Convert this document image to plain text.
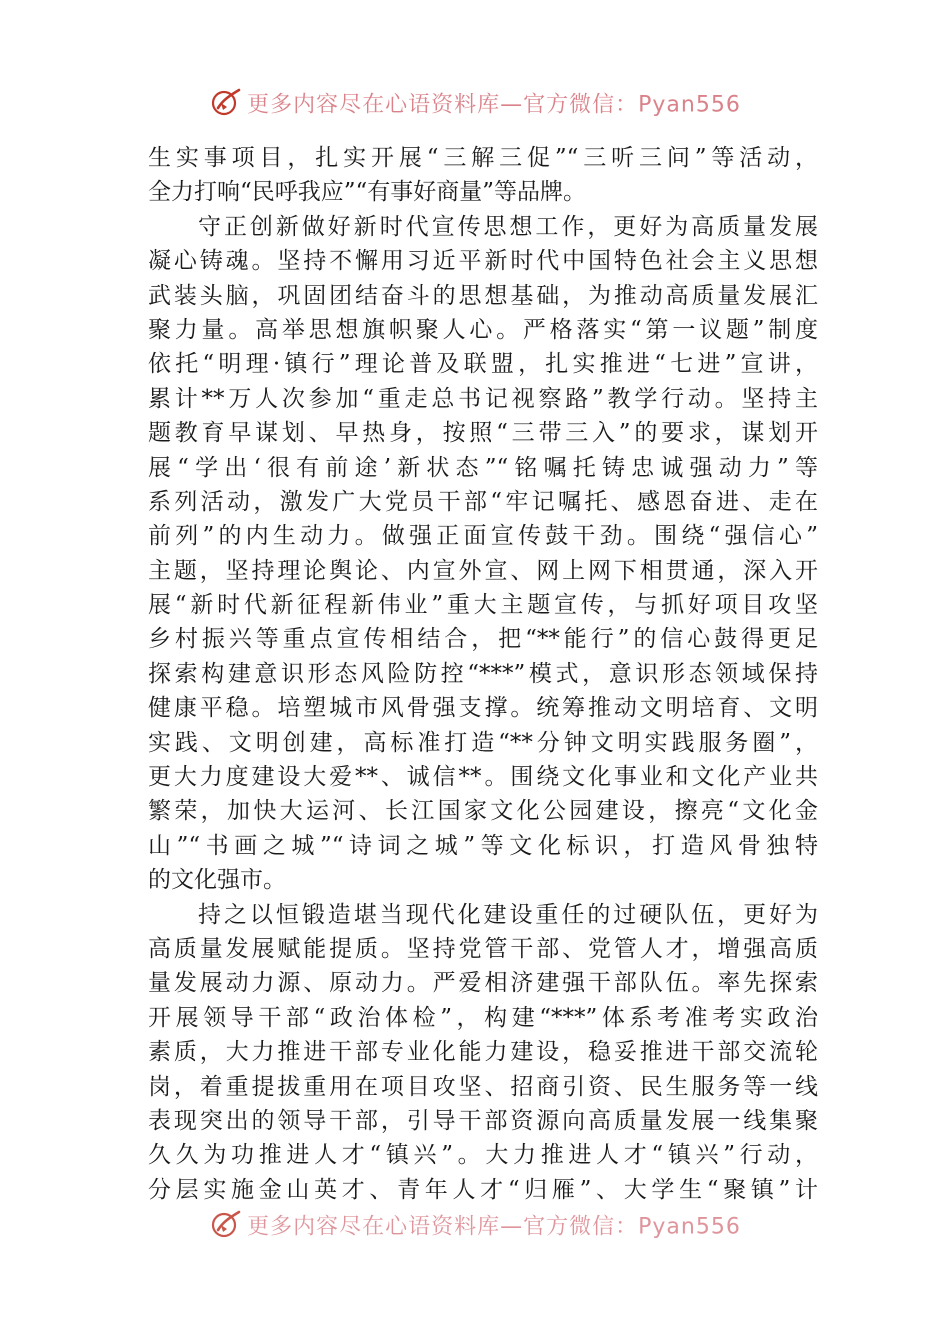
更多内容尽在心语资料库—官方微信：Pyan556
生实事项目，扎实开展“三解三促”“三听三问”等活动，
全力打响“民呼我应”“有事好商量”等品牌。
守正创新做好新时代宣传思想工作，更好为高质量发展
凝心铸魂。坚持不懈用习近平新时代中国特色社会主义思想
武装头脑，巩固团结奋斗的思想基础，为推动高质量发展汇
聚力量。高举思想旗帜聚人心。严格落实“第一议题”制度
依托“明理·镇行”理论普及联盟，扎实推进“七进”宣讲，
累计**万人次参加“重走总书记视察路”教学行动。坚持主
题教育早谋划、早热身，按照“三带三入”的要求，谋划开
展“学出‘很有前途’新状态”“铭嘱托铸忠诚强动力”等
系列活动，激发广大党员干部“牢记嘱托、感恩奋进、走在
前列”的内生动力。做强正面宣传鼓干劲。围绕“强信心”
主题，坚持理论舆论、内宣外宣、网上网下相贯通，深入开
展“新时代新征程新伟业”重大主题宣传，与抓好项目攻坚
乡村振兴等重点宣传相结合，把“**能行”的信心鼓得更足
探索构建意识形态风险防控“***”模式，意识形态领域保持
健康平稳。培塑城市风骨强支撑。统筹推动文明培育、文明
实践、文明创建，高标准打造“**分钟文明实践服务圈”，
更大力度建设大爱**、诚信**。围绕文化事业和文化产业共
繁荣，加快大运河、长江国家文化公园建设，擦亮“文化金
山”“书画之城”“诗词之城”等文化标识，打造风骨独特
的文化强市。
持之以恒锻造堪当现代化建设重任的过硬队伍，更好为
高质量发展赋能提质。坚持党管干部、党管人才，增强高质
量发展动力源、原动力。严爱相济建强干部队伍。率先探索
开展领导干部“政治体检”，构建“***”体系考准考实政治
素质，大力推进干部专业化能力建设，稳妥推进干部交流轮
岗，着重提拔重用在项目攻坚、招商引资、民生服务等一线
表现突出的领导干部，引导干部资源向高质量发展一线集聚
久久为功推进人才“镇兴”。大力推进人才“镇兴”行动，
分层实施金山英才、青年人才“归雁”、大学生“聚镇”计
更多内容尽在心语资料库—官方微信：Pyan556
